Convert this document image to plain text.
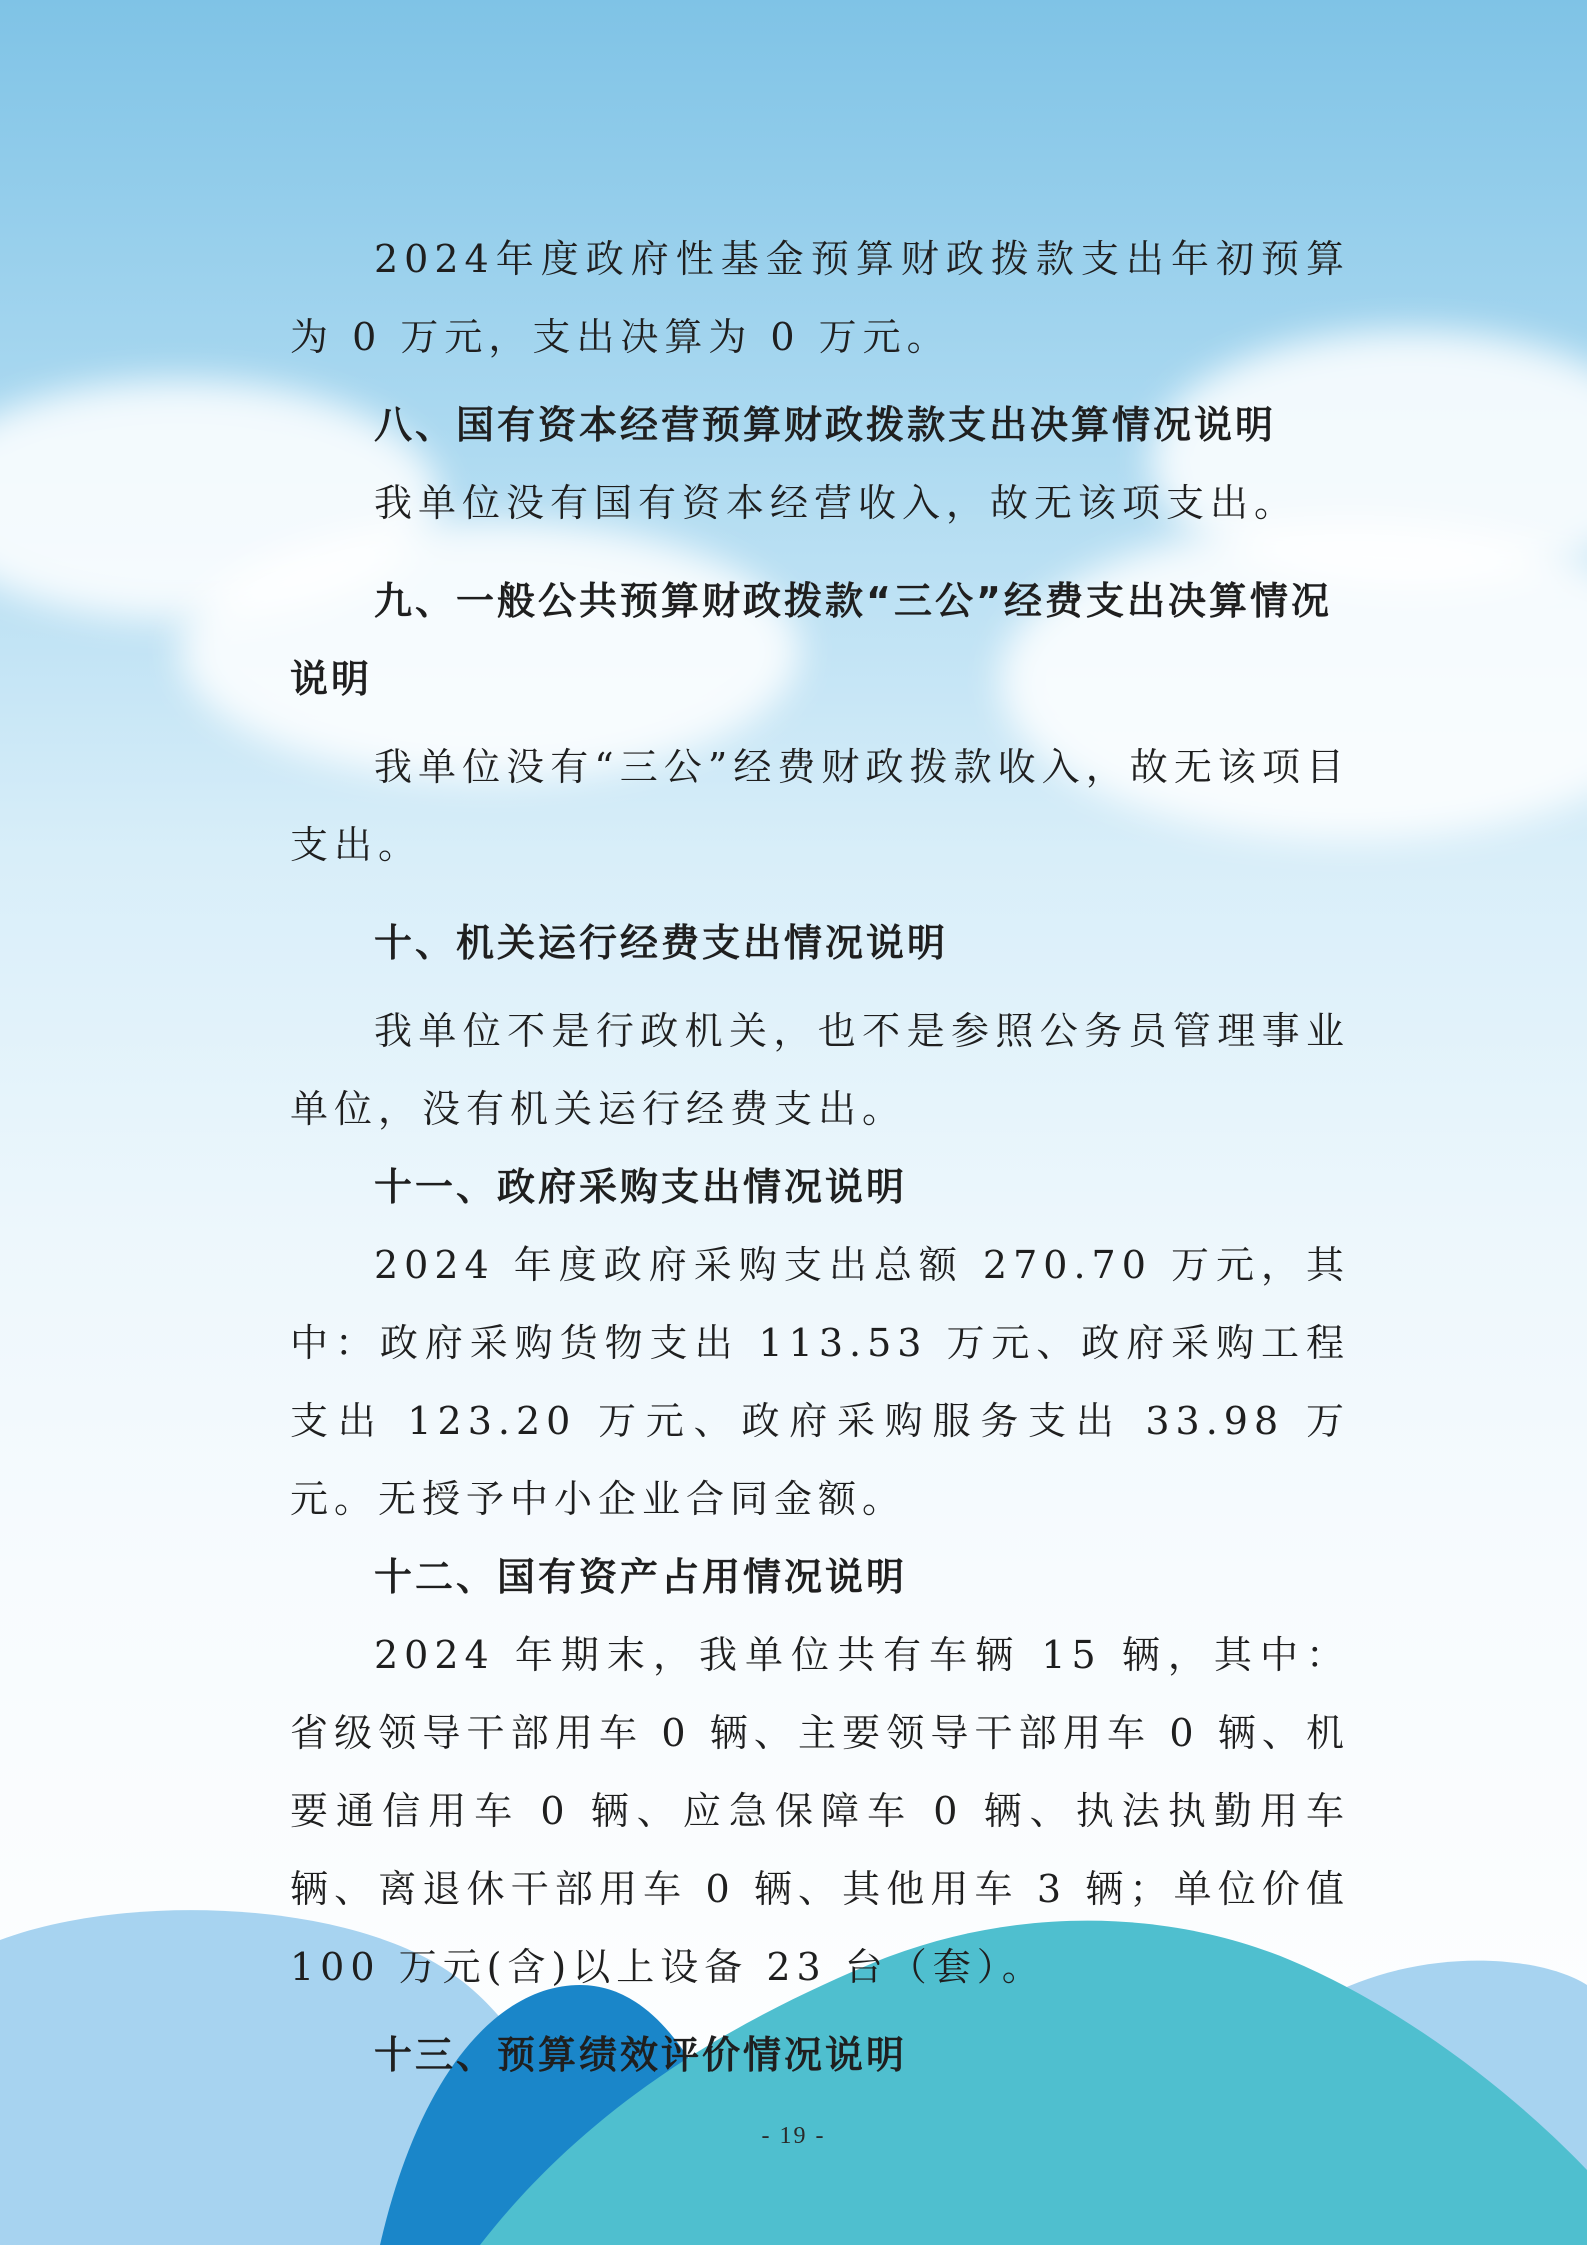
2024年度政府性基金预算财政拨款支出年初预算为 0 万元，支出决算为 0 万元。

八、国有资本经营预算财政拨款支出决算情况说明

我单位没有国有资本经营收入，故无该项支出。

九、一般公共预算财政拨款“三公”经费支出决算情况说明

我单位没有“三公”经费财政拨款收入，故无该项目支出。

十、机关运行经费支出情况说明

我单位不是行政机关，也不是参照公务员管理事业单位，没有机关运行经费支出。

十一、政府采购支出情况说明

2024 年度政府采购支出总额 270.70 万元，其中：政府采购货物支出 113.53 万元、政府采购工程支出 123.20 万元、政府采购服务支出 33.98 万元。无授予中小企业合同金额。

十二、国有资产占用情况说明

2024 年期末，我单位共有车辆 15 辆，其中：省级领导干部用车 0 辆、主要领导干部用车 0 辆、机要通信用车 0 辆、应急保障车 0 辆、执法执勤用车辆、离退休干部用车 0 辆、其他用车 3 辆；单位价值 100 万元(含)以上设备 23 台（套）。

十三、预算绩效评价情况说明

- 19 -
